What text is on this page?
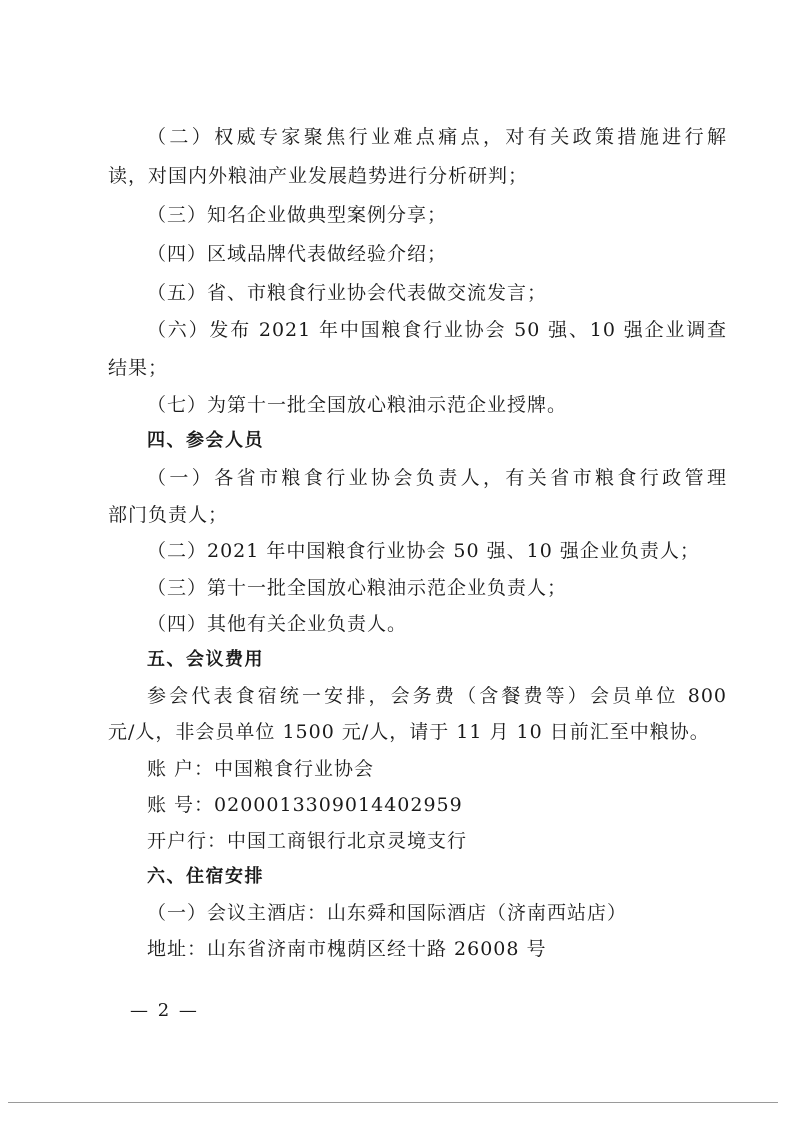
（二）权威专家聚焦行业难点痛点，对有关政策措施进行解
读，对国内外粮油产业发展趋势进行分析研判；
（三）知名企业做典型案例分享；
（四）区域品牌代表做经验介绍；
（五）省、市粮食行业协会代表做交流发言；
（六）发布 2021 年中国粮食行业协会 50 强、10 强企业调查
结果；
（七）为第十一批全国放心粮油示范企业授牌。
四、参会人员
（一）各省市粮食行业协会负责人，有关省市粮食行政管理
部门负责人；
（二）2021 年中国粮食行业协会 50 强、10 强企业负责人；
（三）第十一批全国放心粮油示范企业负责人；
（四）其他有关企业负责人。
五、会议费用
参会代表食宿统一安排，会务费（含餐费等）会员单位 800
元/人，非会员单位 1500 元/人，请于 11 月 10 日前汇至中粮协。
账 户：中国粮食行业协会
账 号：0200013309014402959
开户行：中国工商银行北京灵境支行
六、住宿安排
（一）会议主酒店：山东舜和国际酒店（济南西站店）
地址：山东省济南市槐荫区经十路 26008 号
— 2 —
